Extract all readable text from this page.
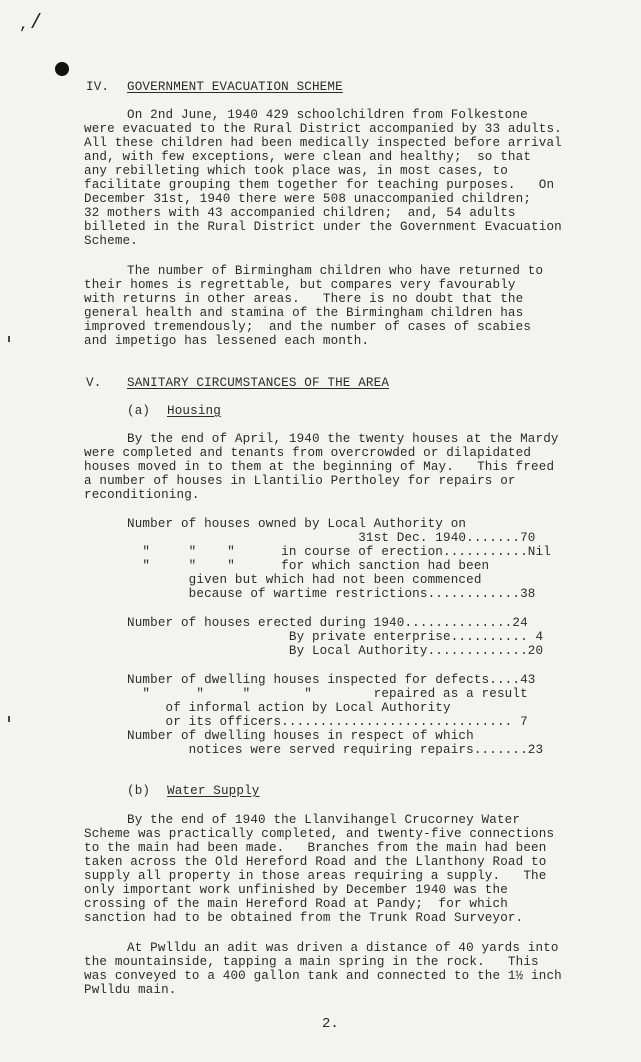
/
’
IV. GOVERNMENT EVACUATION SCHEME
On 2nd June, 1940 429 schoolchildren from Folkestone
were evacuated to the Rural District accompanied by 33 adults.
All these children had been medically inspected before arrival
and, with few exceptions, were clean and healthy;  so that
any rebilleting which took place was, in most cases, to
facilitate grouping them together for teaching purposes.   On
December 31st, 1940 there were 508 unaccompanied children;
32 mothers with 43 accompanied children;  and, 54 adults
billeted in the Rural District under the Government Evacuation
Scheme.
The number of Birmingham children who have returned to
their homes is regrettable, but compares very favourably
with returns in other areas.   There is no doubt that the
general health and stamina of the Birmingham children has
improved tremendously;  and the number of cases of scabies
and impetigo has lessened each month.
V. SANITARY CIRCUMSTANCES OF THE AREA
(a) Housing
By the end of April, 1940 the twenty houses at the Mardy
were completed and tenants from overcrowded or dilapidated
houses moved in to them at the beginning of May.   This freed
a number of houses in Llantilio Pertholey for repairs or
reconditioning.
Number of houses owned by Local Authority on
31st Dec. 1940.......70
"     "    "      in course of erection...........Nil
"     "    "      for which sanction had been
given but which had not been commenced
because of wartime restrictions............38
Number of houses erected during 1940..............24
By private enterprise.......... 4
By Local Authority.............20
Number of dwelling houses inspected for defects....43
"      "     "       "        repaired as a result
of informal action by Local Authority
or its officers.............................. 7
Number of dwelling houses in respect of which
notices were served requiring repairs.......23
(b) Water Supply
By the end of 1940 the Llanvihangel Crucorney Water
Scheme was practically completed, and twenty-five connections
to the main had been made.   Branches from the main had been
taken across the Old Hereford Road and the Llanthony Road to
supply all property in those areas requiring a supply.   The
only important work unfinished by December 1940 was the
crossing of the main Hereford Road at Pandy;  for which
sanction had to be obtained from the Trunk Road Surveyor.
At Pwlldu an adit was driven a distance of 40 yards into
the mountainside, tapping a main spring in the rock.   This
was conveyed to a 400 gallon tank and connected to the 1½ inch
Pwlldu main.
2.
